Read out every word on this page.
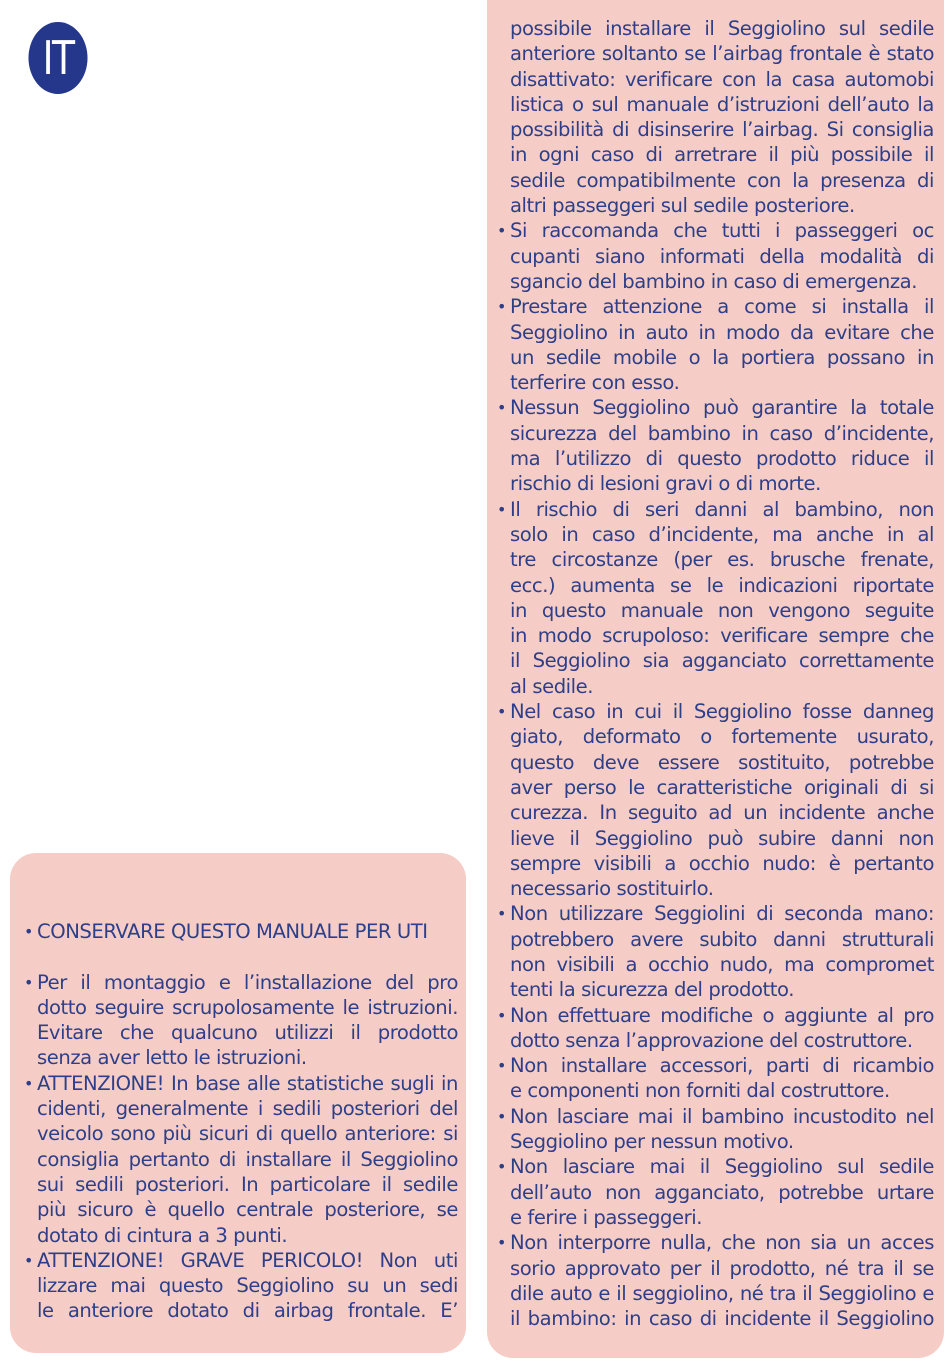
IT
• CONSERVARE QUESTO MANUALE PER UTI
• Per il montaggio e l’installazione del pro
dotto seguire scrupolosamente le istruzioni.
Evitare che qualcuno utilizzi il prodotto
senza aver letto le istruzioni.
• ATTENZIONE! In base alle statistiche sugli in
cidenti, generalmente i sedili posteriori del
veicolo sono più sicuri di quello anteriore: si
consiglia pertanto di installare il Seggiolino
sui sedili posteriori. In particolare il sedile
più sicuro è quello centrale posteriore, se
dotato di cintura a 3 punti.
• ATTENZIONE! GRAVE PERICOLO! Non uti
lizzare mai questo Seggiolino su un sedi
le anteriore dotato di airbag frontale. E’
possibile installare il Seggiolino sul sedile
anteriore soltanto se l’airbag frontale è stato
disattivato: verificare con la casa automobi
listica o sul manuale d’istruzioni dell’auto la
possibilità di disinserire l’airbag. Si consiglia
in ogni caso di arretrare il più possibile il
sedile compatibilmente con la presenza di
altri passeggeri sul sedile posteriore.
• Si raccomanda che tutti i passeggeri oc
cupanti siano informati della modalità di
sgancio del bambino in caso di emergenza.
• Prestare attenzione a come si installa il
Seggiolino in auto in modo da evitare che
un sedile mobile o la portiera possano in
terferire con esso.
• Nessun Seggiolino può garantire la totale
sicurezza del bambino in caso d’incidente,
ma l’utilizzo di questo prodotto riduce il
rischio di lesioni gravi o di morte.
• Il rischio di seri danni al bambino, non
solo in caso d’incidente, ma anche in al
tre circostanze (per es. brusche frenate,
ecc.) aumenta se le indicazioni riportate
in questo manuale non vengono seguite
in modo scrupoloso: verificare sempre che
il Seggiolino sia agganciato correttamente
al sedile.
• Nel caso in cui il Seggiolino fosse danneg
giato, deformato o fortemente usurato,
questo deve essere sostituito, potrebbe
aver perso le caratteristiche originali di si
curezza. In seguito ad un incidente anche
lieve il Seggiolino può subire danni non
sempre visibili a occhio nudo: è pertanto
necessario sostituirlo.
• Non utilizzare Seggiolini di seconda mano:
potrebbero avere subito danni strutturali
non visibili a occhio nudo, ma compromet
tenti la sicurezza del prodotto.
• Non effettuare modifiche o aggiunte al pro
dotto senza l’approvazione del costruttore.
• Non installare accessori, parti di ricambio
e componenti non forniti dal costruttore.
• Non lasciare mai il bambino incustodito nel
Seggiolino per nessun motivo.
• Non lasciare mai il Seggiolino sul sedile
dell’auto non agganciato, potrebbe urtare
e ferire i passeggeri.
• Non interporre nulla, che non sia un acces
sorio approvato per il prodotto, né tra il se
dile auto e il seggiolino, né tra il Seggiolino e
il bambino: in caso di incidente il Seggiolino
